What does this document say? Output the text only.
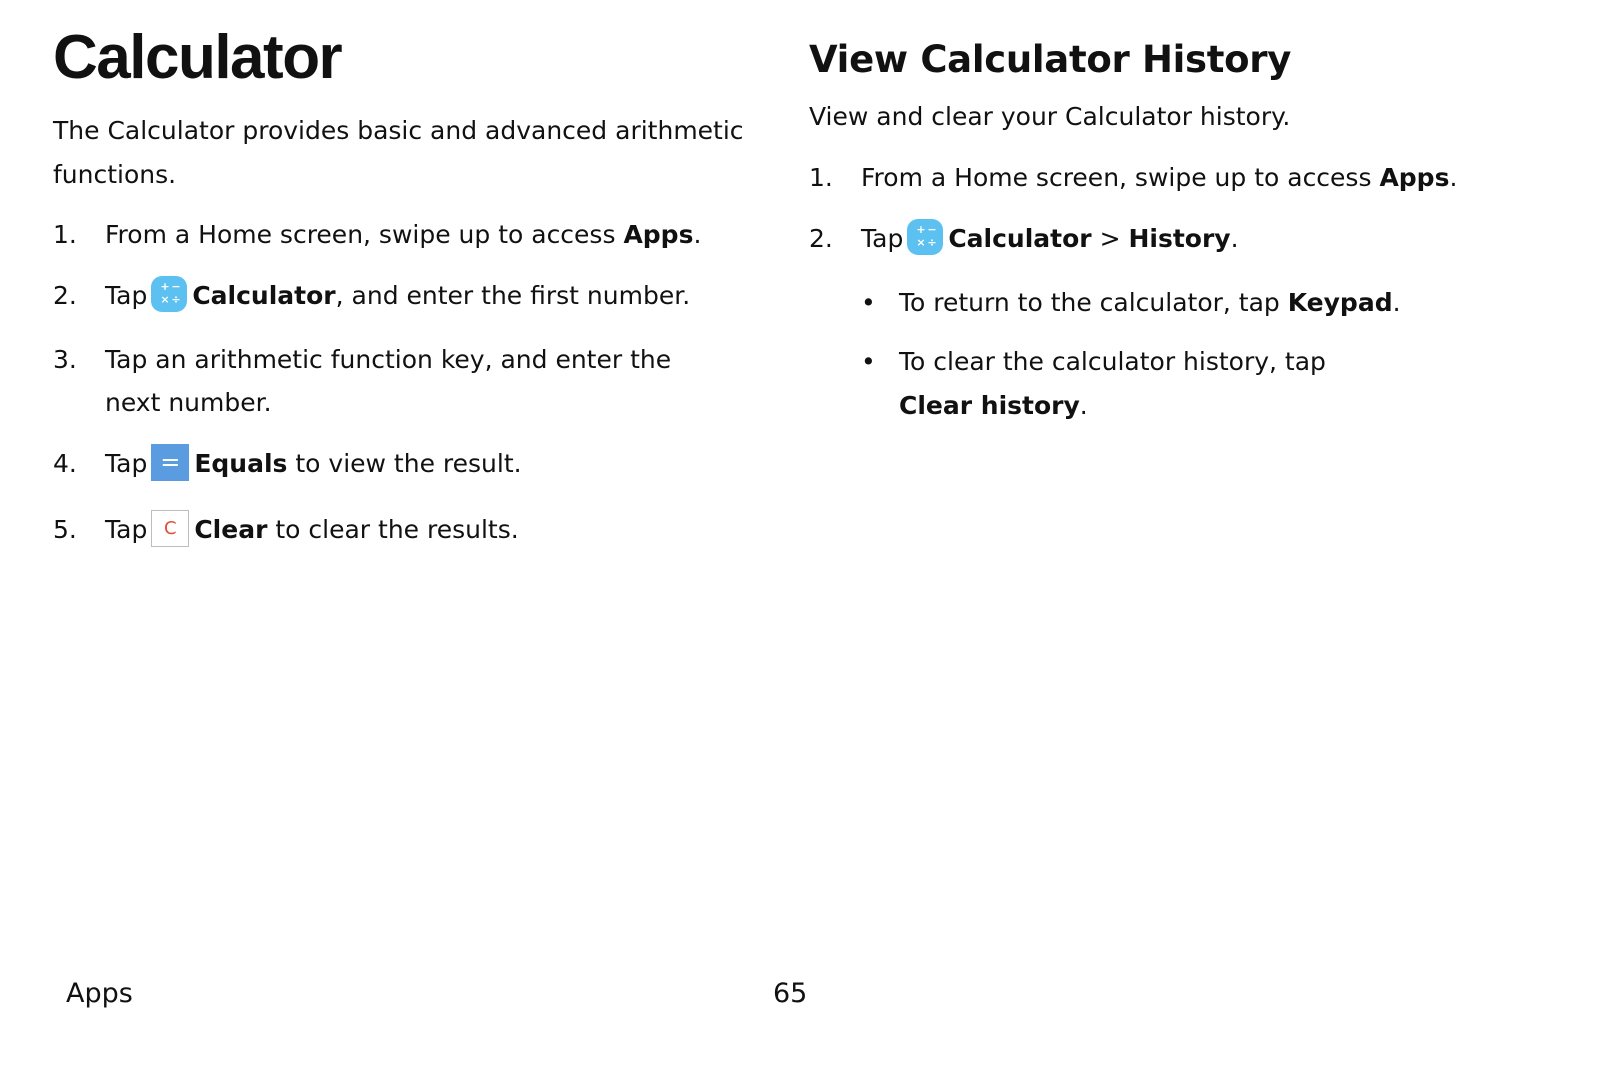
Calculator

The Calculator provides basic and advanced arithmetic functions.

1. From a Home screen, swipe up to access Apps.
2. Tap + −
× ÷ Calculator, and enter the first number.
3. Tap an arithmetic function key, and enter the
next number.
4. Tap = Equals to view the result.
5. Tap C Clear to clear the results.
View Calculator History

View and clear your Calculator history.

1. From a Home screen, swipe up to access Apps.
2. Tap + −
× ÷ Calculator > History.
• To return to the calculator, tap Keypad.
• To clear the calculator history, tap
Clear history.
Apps	65
